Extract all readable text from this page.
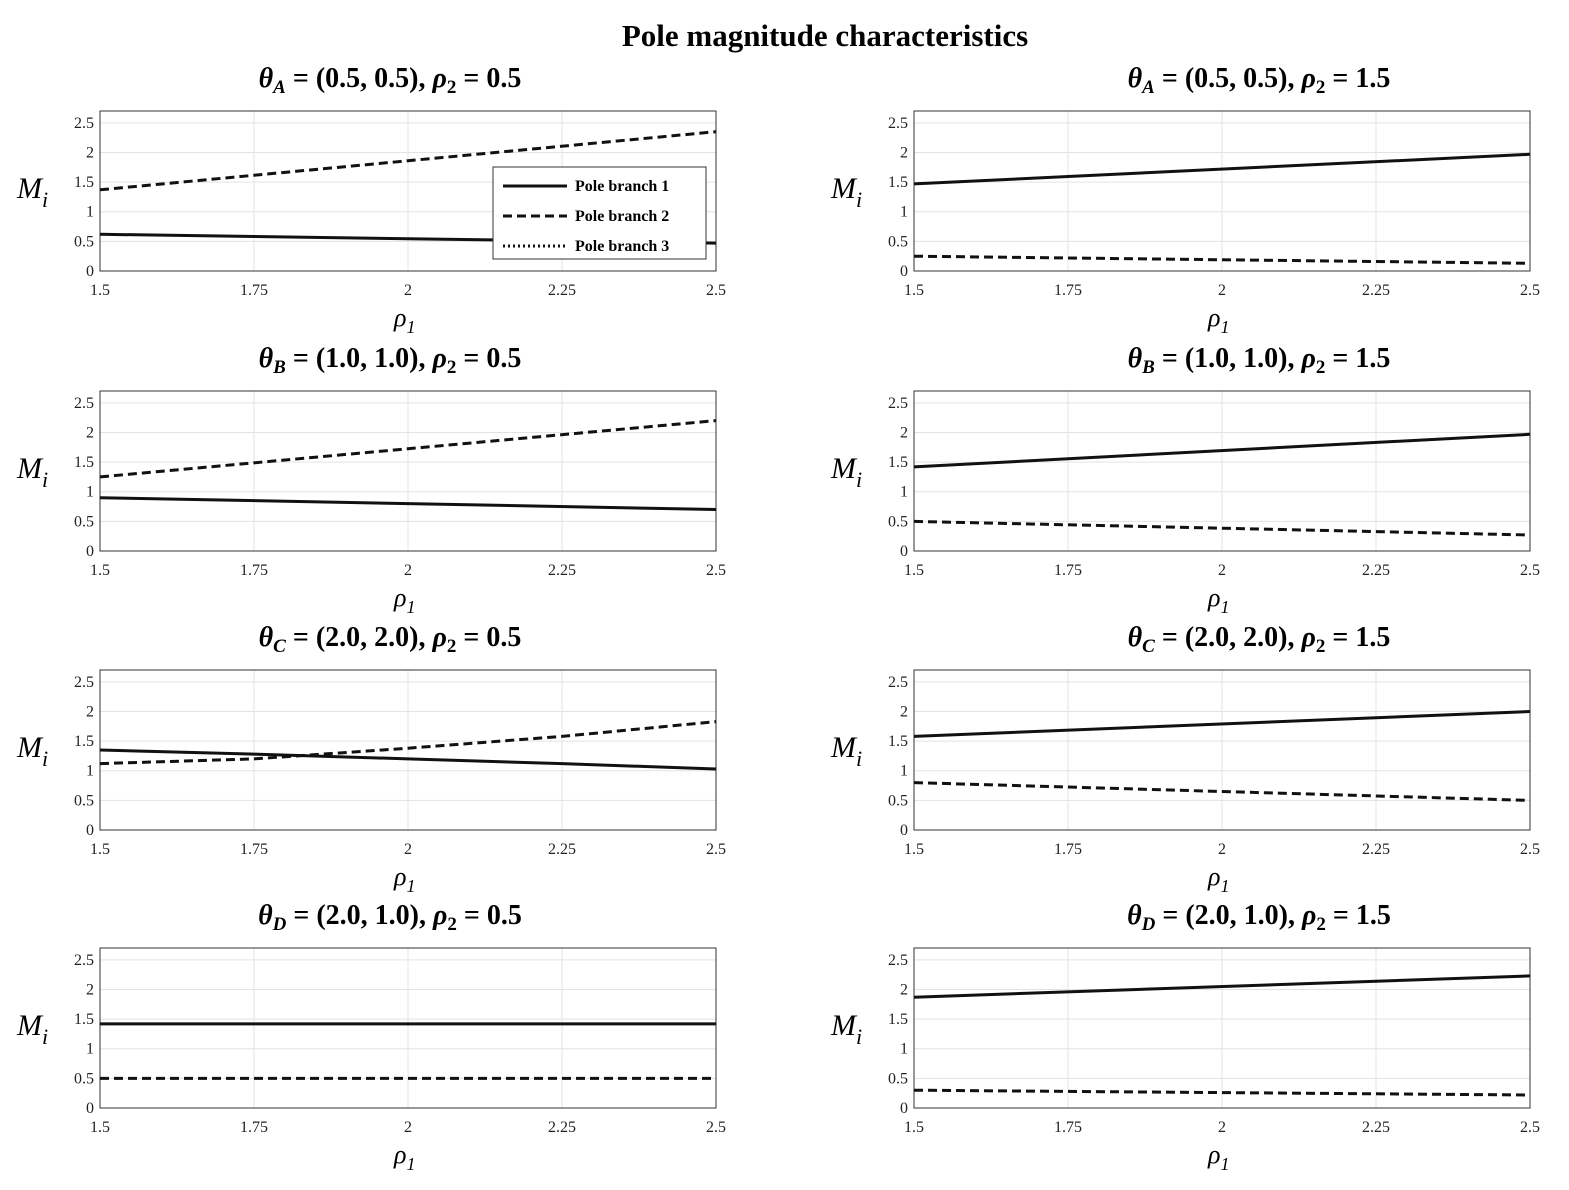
Pole magnitude characteristics
1.5	1.75	2	2.25	2.5
0
0.5
1
1.5
2
2.5
$\theta_A = (0.5$, 0.5), $\rho_2 = 0.5$
$M_i$
$\rho_1$
Pole branch 1
Pole branch 2
Pole branch 3
1.5	1.75	2	2.25	2.5
0
0.5
1
1.5
2
2.5
$\theta_A = (0.5$, 0.5), $\rho_2 = 1.5$
$M_i$
$\rho_1$
1.5	1.75	2	2.25	2.5
0
0.5
1
1.5
2
2.5
$\theta_B = (1.0$, 1.0), $\rho_2 = 0.5$
$M_i$
$\rho_1$
1.5	1.75	2	2.25	2.5
0
0.5
1
1.5
2
2.5
$\theta_B = (1.0$, 1.0), $\rho_2 = 1.5$
$M_i$
$\rho_1$
1.5	1.75	2	2.25	2.5
0
0.5
1
1.5
2
2.5
$\theta_C = (2.0$, 2.0), $\rho_2 = 0.5$
$M_i$
$\rho_1$
1.5	1.75	2	2.25	2.5
0
0.5
1
1.5
2
2.5
$\theta_C = (2.0$, 2.0), $\rho_2 = 1.5$
$M_i$
$\rho_1$
1.5	1.75	2	2.25	2.5
0
0.5
1
1.5
2
2.5
$\theta_D = (2.0$, 1.0), $\rho_2 = 0.5$
$M_i$
$\rho_1$
1.5	1.75	2	2.25	2.5
0
0.5
1
1.5
2
2.5
$\theta_D = (2.0$, 1.0), $\rho_2 = 1.5$
$M_i$
$\rho_1$
